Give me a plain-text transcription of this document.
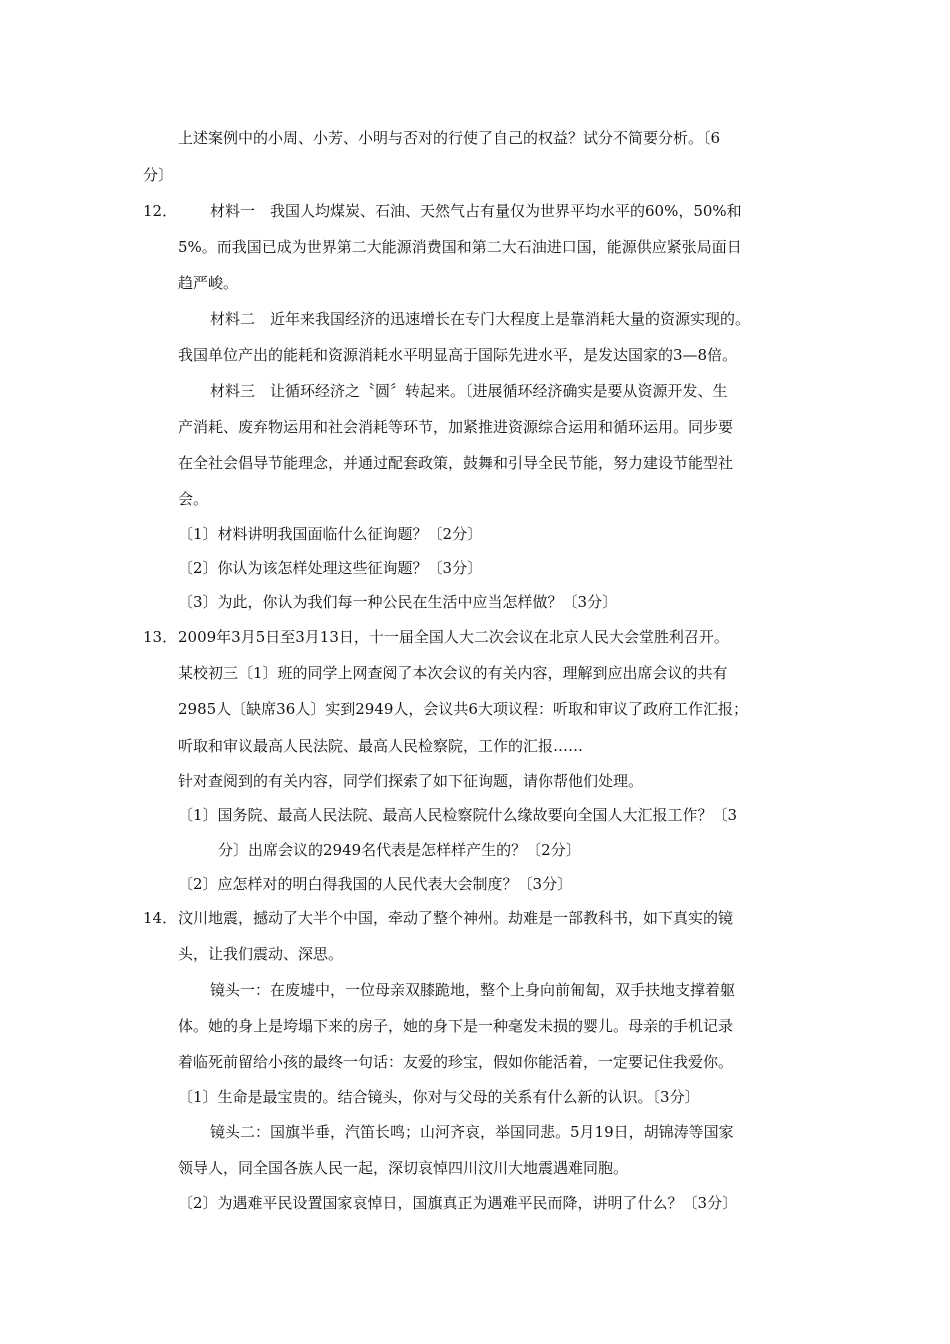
上述案例中的小周、小芳、小明与否对的行使了自己的权益？试分不简要分析。〔6
分〕
12． 材料一　我国人均煤炭、石油、天然气占有量仅为世界平均水平的60%，50%和
5%。而我国已成为世界第二大能源消费国和第二大石油进口国，能源供应紧张局面日
趋严峻。
材料二　近年来我国经济的迅速增长在专门大程度上是靠消耗大量的资源实现的。
我国单位产出的能耗和资源消耗水平明显高于国际先进水平，是发达国家的3—8倍。
材料三　让循环经济之〝圆〞转起来。〔进展循环经济确实是要从资源开发、生
产消耗、废弃物运用和社会消耗等环节，加紧推进资源综合运用和循环运用。同步要
在全社会倡导节能理念，并通过配套政策，鼓舞和引导全民节能，努力建设节能型社
会。
〔1〕材料讲明我国面临什么征询题？〔2分〕
〔2〕你认为该怎样处理这些征询题？〔3分〕
〔3〕为此，你认为我们每一种公民在生活中应当怎样做？〔3分〕
13． 2009年3月5日至3月13日，十一届全国人大二次会议在北京人民大会堂胜利召开。
某校初三〔1〕班的同学上网查阅了本次会议的有关内容，理解到应出席会议的共有
2985人〔缺席36人〕实到2949人，会议共6大项议程：听取和审议了政府工作汇报；
听取和审议最高人民法院、最高人民检察院，工作的汇报……
针对查阅到的有关内容，同学们探索了如下征询题，请你帮他们处理。
〔1〕国务院、最高人民法院、最高人民检察院什么缘故要向全国人大汇报工作？〔3
分〕出席会议的2949名代表是怎样样产生的？〔2分〕
〔2〕应怎样对的明白得我国的人民代表大会制度？〔3分〕
14． 汶川地震，撼动了大半个中国，牵动了整个神州。劫难是一部教科书，如下真实的镜
头，让我们震动、深思。
镜头一：在废墟中，一位母亲双膝跪地，整个上身向前匍匐，双手扶地支撑着躯
体。她的身上是垮塌下来的房子，她的身下是一种毫发未损的婴儿。母亲的手机记录
着临死前留给小孩的最终一句话：友爱的珍宝，假如你能活着，一定要记住我爱你。
〔1〕生命是最宝贵的。结合镜头，你对与父母的关系有什么新的认识。〔3分〕
镜头二：国旗半垂，汽笛长鸣；山河齐哀，举国同悲。5月19日，胡锦涛等国家
领导人，同全国各族人民一起，深切哀悼四川汶川大地震遇难同胞。
〔2〕为遇难平民设置国家哀悼日，国旗真正为遇难平民而降，讲明了什么？〔3分〕
